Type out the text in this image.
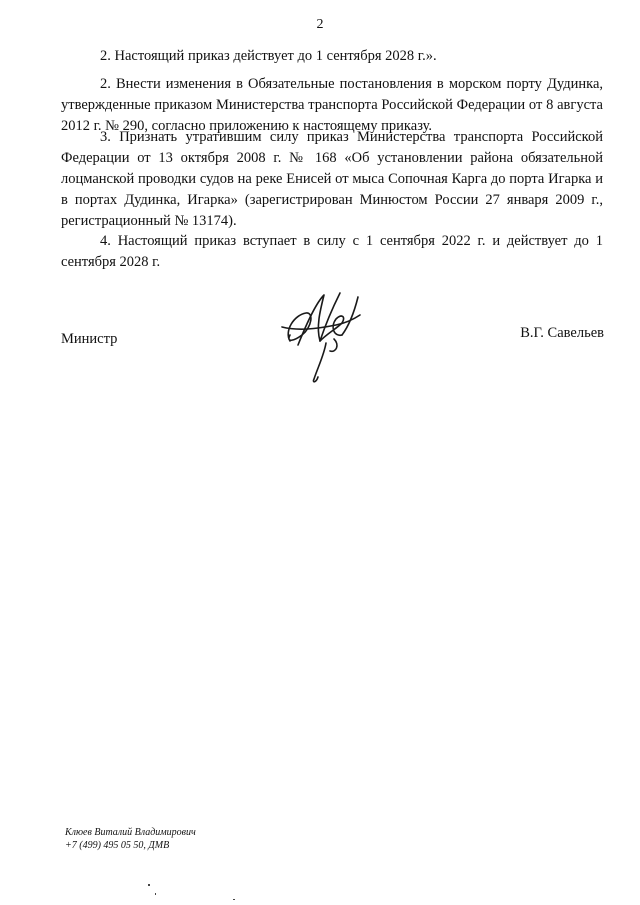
2

2. Настоящий приказ действует до 1 сентября 2028 г.».

2. Внести изменения в Обязательные постановления в морском порту Дудинка, утвержденные приказом Министерства транспорта Российской Федерации от 8 августа 2012 г. № 290, согласно приложению к настоящему приказу.

3. Признать утратившим силу приказ Министерства транспорта Российской Федерации от 13 октября 2008 г. № 168 «Об установлении района обязательной лоцманской проводки судов на реке Енисей от мыса Сопочная Карга до порта Игарка и в портах Дудинка, Игарка» (зарегистрирован Минюстом России 27 января 2009 г., регистрационный № 13174).

4. Настоящий приказ вступает в силу с 1 сентября 2022 г. и действует до 1 сентября 2028 г.

Министр	В.Г. Савельев
Клюев Виталий Владимирович
+7 (499) 495 05 50, ДМВ
